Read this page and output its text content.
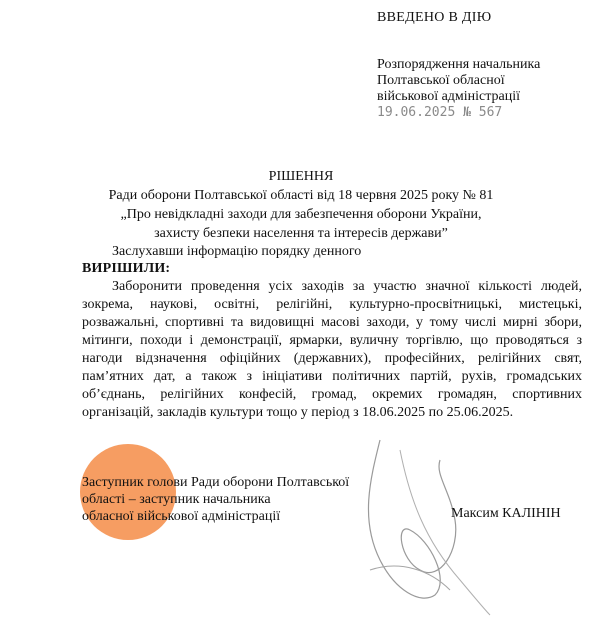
ВВЕДЕНО В ДІЮ
Розпорядження начальника
Полтавської обласної
військової адміністрації
19.06.2025 № 567
РІШЕННЯ
Ради оборони Полтавської області від 18 червня 2025 року № 81
„Про невідкладні заходи для забезпечення оборони України,
захисту безпеки населення та інтересів держави”
Заслухавши інформацію порядку денного
ВИРІШИЛИ:

Заборонити проведення усіх заходів за участю значної кількості людей, зокрема, наукові, освітні, релігійні, культурно-просвітницькі, мистецькі, розважальні, спортивні та видовищні масові заходи, у тому числі мирні збори, мітинги, походи і демонстрації, ярмарки, вуличну торгівлю, що проводяться з нагоди відзначення офіційних (державних), професійних, релігійних свят, пам’ятних дат, а також з ініціативи політичних партій, рухів, громадських об’єднань, релігійних конфесій, громад, окремих громадян, спортивних організацій, закладів культури тощо у період з 18.06.2025 по 25.06.2025.

Заступник голови Ради оборони Полтавської
області – заступник начальника
обласної військової адміністрації	Максим КАЛІНІН
